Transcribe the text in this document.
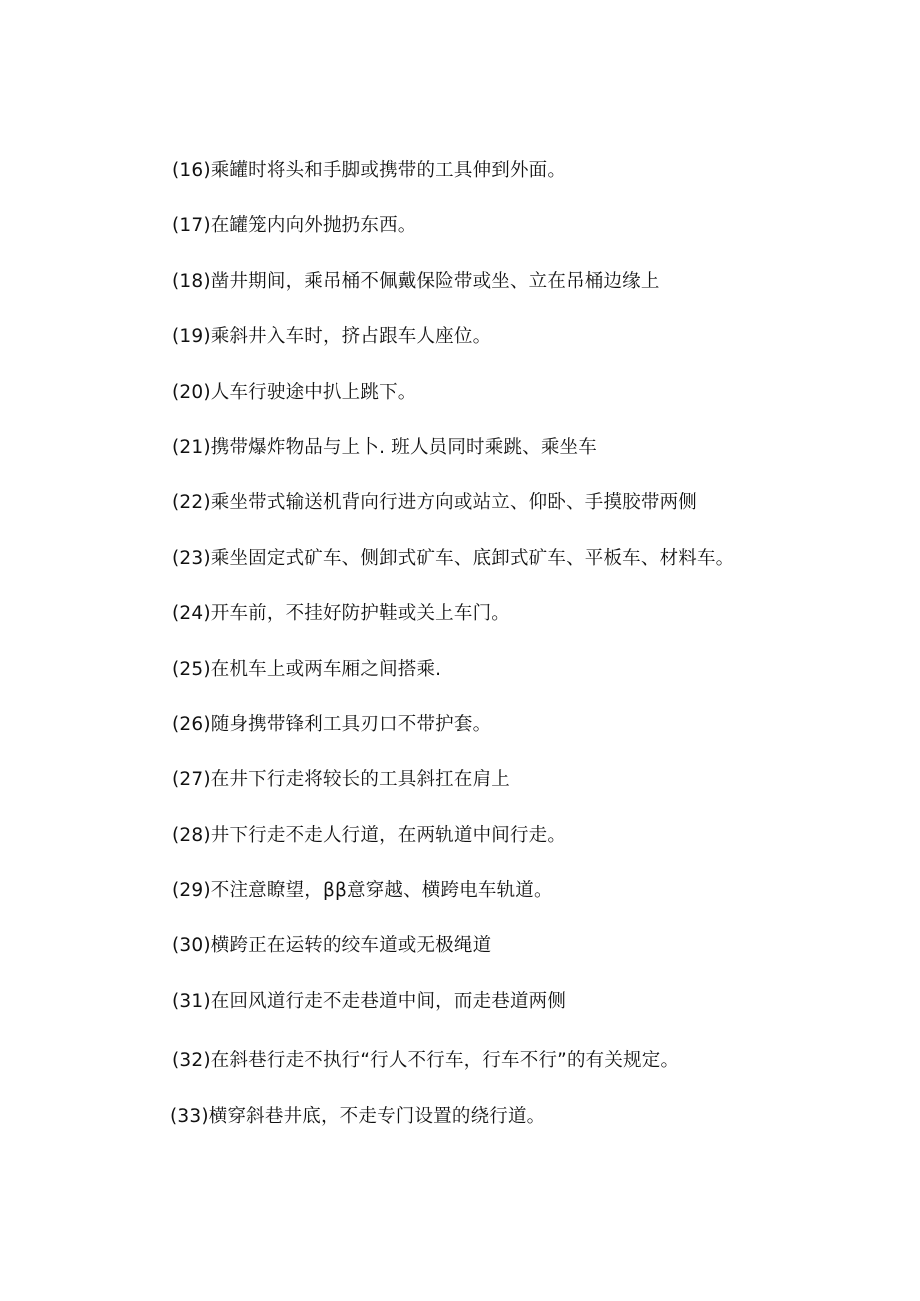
(16)乘罐时将头和手脚或携带的工具伸到外面。
(17)在罐笼内向外抛扔东西。
(18)凿井期间，乘吊桶不佩戴保险带或坐、立在吊桶边缘上
(19)乘斜井入车时，挤占跟车人座位。
(20)人车行驶途中扒上跳下。
(21)携带爆炸物品与上卜. 班人员同时乘跳、乘坐车
(22)乘坐带式输送机背向行进方向或站立、仰卧、手摸胶带两侧
(23)乘坐固定式矿车、侧卸式矿车、底卸式矿车、平板车、材料车。
(24)开车前，不挂好防护鞋或关上车门。
(25)在机车上或两车厢之间搭乘.
(26)随身携带锋利工具刃口不带护套。
(27)在井下行走将较长的工具斜扛在肩上
(28)井下行走不走人行道，在两轨道中间行走。
(29)不注意瞭望，ββ意穿越、横跨电车轨道。
(30)横跨正在运转的绞车道或无极绳道
(31)在回风道行走不走巷道中间，而走巷道两侧
(32)在斜巷行走不执行“行人不行车，行车不行”的有关规定。
(33)横穿斜巷井底，不走专门设置的绕行道。
